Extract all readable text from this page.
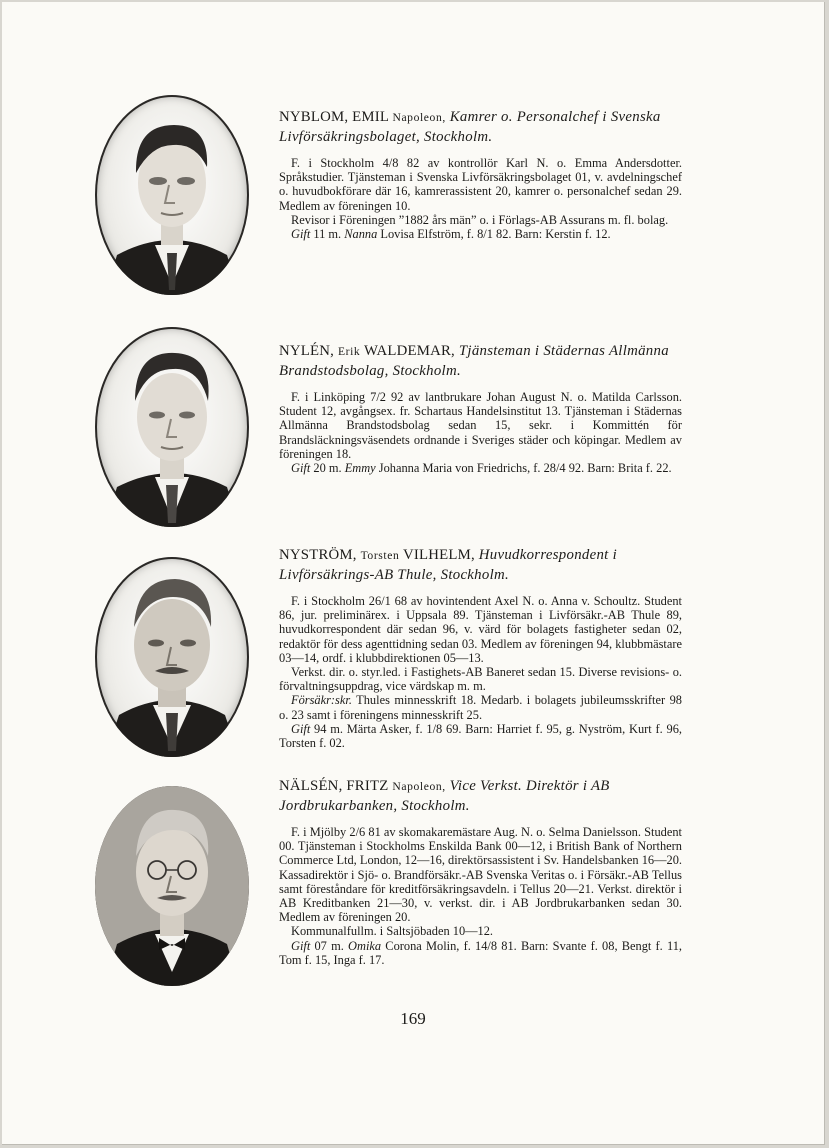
NYBLOM, EMIL Napoleon, Kamrer o. Personalchef i Svenska Livförsäkringsbolaget, Stockholm.
F. i Stockholm 4/8 82 av kontrollör Karl N. o. Emma Andersdotter. Språkstudier. Tjänsteman i Svenska Livförsäkringsbolaget 01, v. avdelningschef o. huvudbokförare där 16, kamrerassistent 20, kamrer o. personalchef sedan 29. Medlem av föreningen 10.
Revisor i Föreningen ”1882 års män” o. i Förlags-AB Assurans m. fl. bolag.
Gift 11 m. Nanna Lovisa Elfström, f. 8/1 82. Barn: Kerstin f. 12.
NYLÉN, Erik WALDEMAR, Tjänsteman i Städernas Allmänna Brandstodsbolag, Stockholm.
F. i Linköping 7/2 92 av lantbrukare Johan August N. o. Matilda Carlsson. Student 12, avgångsex. fr. Schartaus Handelsinstitut 13. Tjänsteman i Städernas Allmänna Brandstodsbolag sedan 15, sekr. i Kommittén för Brandsläckningsväsendets ordnande i Sveriges städer och köpingar. Medlem av föreningen 18.
Gift 20 m. Emmy Johanna Maria von Friedrichs, f. 28/4 92. Barn: Brita f. 22.
NYSTRÖM, Torsten VILHELM, Huvudkorrespondent i Livförsäkrings-AB Thule, Stockholm.
F. i Stockholm 26/1 68 av hovintendent Axel N. o. Anna v. Schoultz. Student 86, jur. preliminärex. i Uppsala 89. Tjänsteman i Livförsäkr.-AB Thule 89, huvudkorrespondent där sedan 96, v. värd för bolagets fastigheter sedan 02, redaktör för dess agenttidning sedan 03. Medlem av föreningen 94, klubbmästare 03—14, ordf. i klubbdirektionen 05—13.
Verkst. dir. o. styr.led. i Fastighets-AB Baneret sedan 15. Diverse revisions- o. förvaltningsuppdrag, vice värdskap m. m.
Försäkr:skr. Thules minnesskrift 18. Medarb. i bolagets jubileumsskrifter 98 o. 23 samt i föreningens minnesskrift 25.
Gift 94 m. Märta Asker, f. 1/8 69. Barn: Harriet f. 95, g. Nyström, Kurt f. 96, Torsten f. 02.
NÄLSÉN, FRITZ Napoleon, Vice Verkst. Direktör i AB Jordbrukarbanken, Stockholm.
F. i Mjölby 2/6 81 av skomakaremästare Aug. N. o. Selma Danielsson. Student 00. Tjänsteman i Stockholms Enskilda Bank 00—12, i British Bank of Northern Commerce Ltd, London, 12—16, direktörsassistent i Sv. Handelsbanken 16—20. Kassadirektör i Sjö- o. Brandförsäkr.-AB Svenska Veritas o. i Försäkr.-AB Tellus samt föreståndare för kreditförsäkringsavdeln. i Tellus 20—21. Verkst. direktör i AB Kreditbanken 21—30, v. verkst. dir. i AB Jordbrukarbanken sedan 30. Medlem av föreningen 20.
Kommunalfullm. i Saltsjöbaden 10—12.
Gift 07 m. Omika Corona Molin, f. 14/8 81. Barn: Svante f. 08, Bengt f. 11, Tom f. 15, Inga f. 17.
169
